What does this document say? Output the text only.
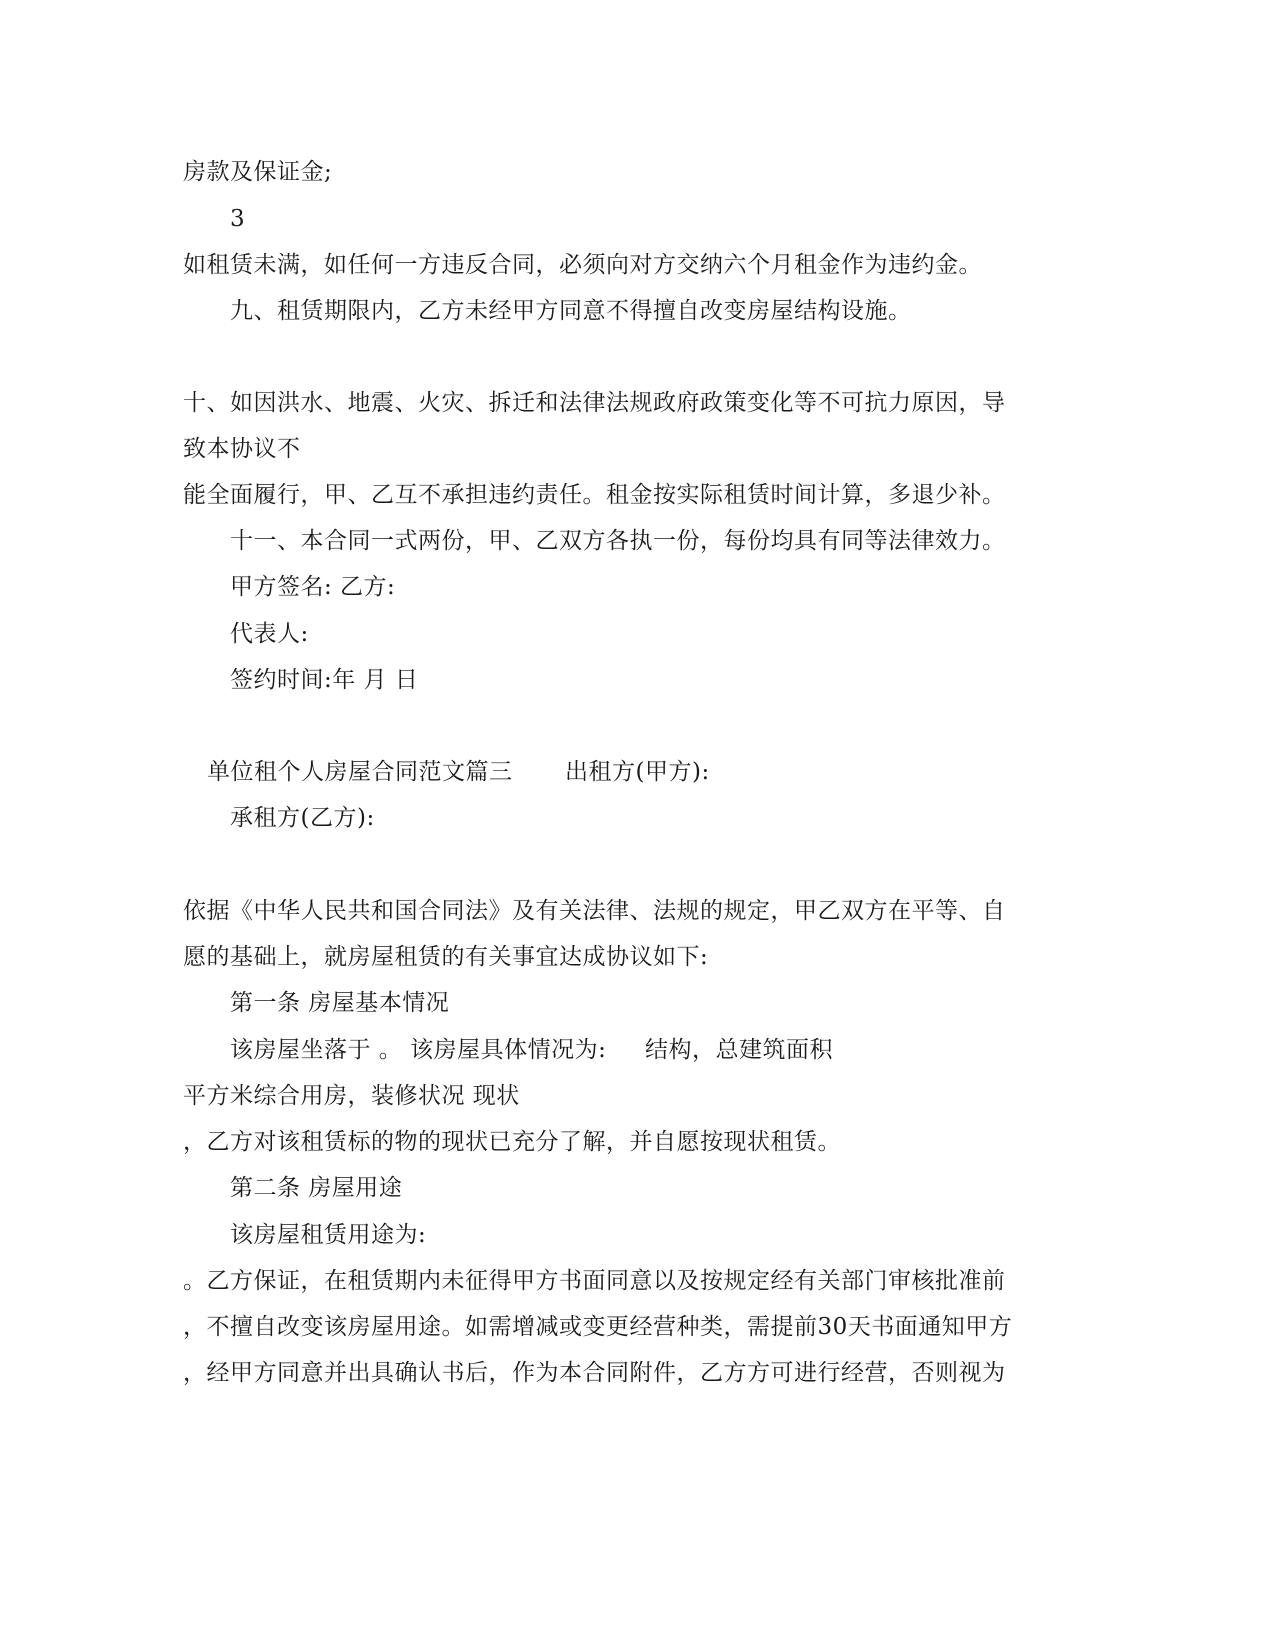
房款及保证金;
3
如租赁未满，如任何一方违反合同，必须向对方交纳六个月租金作为违约金。
九、租赁期限内，乙方未经甲方同意不得擅自改变房屋结构设施。
十、如因洪水、地震、火灾、拆迁和法律法规政府政策变化等不可抗力原因，导
致本协议不
能全面履行，甲、乙互不承担违约责任。租金按实际租赁时间计算，多退少补。
十一、本合同一式两份，甲、乙双方各执一份，每份均具有同等法律效力。
甲方签名: 乙方:
代表人:
签约时间:年 月 日
单位租个人房屋合同范文篇三 出租方(甲方):
承租方(乙方):
依据《中华人民共和国合同法》及有关法律、法规的规定，甲乙双方在平等、自
愿的基础上，就房屋租赁的有关事宜达成协议如下:
第一条 房屋基本情况
该房屋坐落于 。 该房屋具体情况为: 结构，总建筑面积
平方米综合用房，装修状况 现状
，乙方对该租赁标的物的现状已充分了解，并自愿按现状租赁。
第二条 房屋用途
该房屋租赁用途为:
。乙方保证，在租赁期内未征得甲方书面同意以及按规定经有关部门审核批准前
，不擅自改变该房屋用途。如需增减或变更经营种类，需提前30天书面通知甲方
，经甲方同意并出具确认书后，作为本合同附件，乙方方可进行经营，否则视为
